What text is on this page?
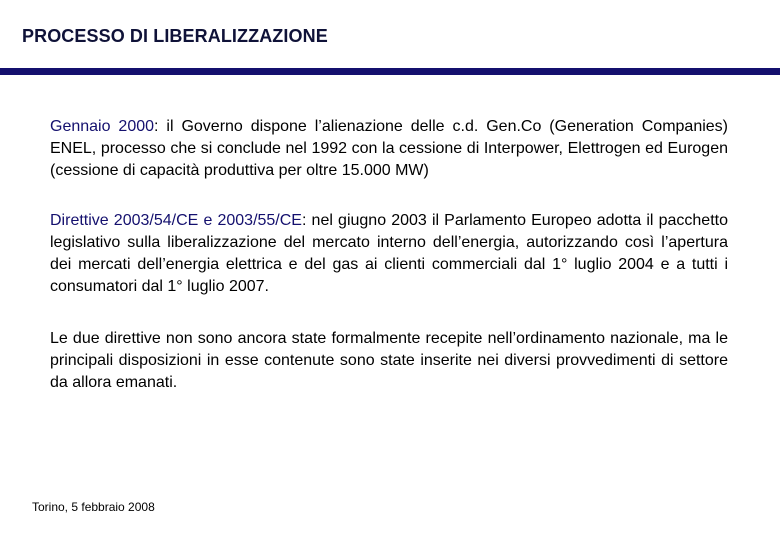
PROCESSO DI LIBERALIZZAZIONE

Gennaio 2000: il Governo dispone l’alienazione delle c.d. Gen.Co (Generation Companies) ENEL, processo che si conclude nel 1992 con la cessione di Interpower, Elettrogen ed Eurogen (cessione di capacità produttiva per oltre 15.000 MW)

Direttive 2003/54/CE e 2003/55/CE: nel giugno 2003 il Parlamento Europeo adotta il pacchetto legislativo sulla liberalizzazione del mercato interno dell’energia, autorizzando così l’apertura dei mercati dell’energia elettrica e del gas ai clienti commerciali dal 1° luglio 2004 e a tutti i consumatori dal 1° luglio 2007.

Le due direttive non sono ancora state formalmente recepite nell’ordinamento nazionale, ma le principali disposizioni in esse contenute sono state inserite nei diversi provvedimenti di settore da allora emanati.

Torino, 5 febbraio 2008
